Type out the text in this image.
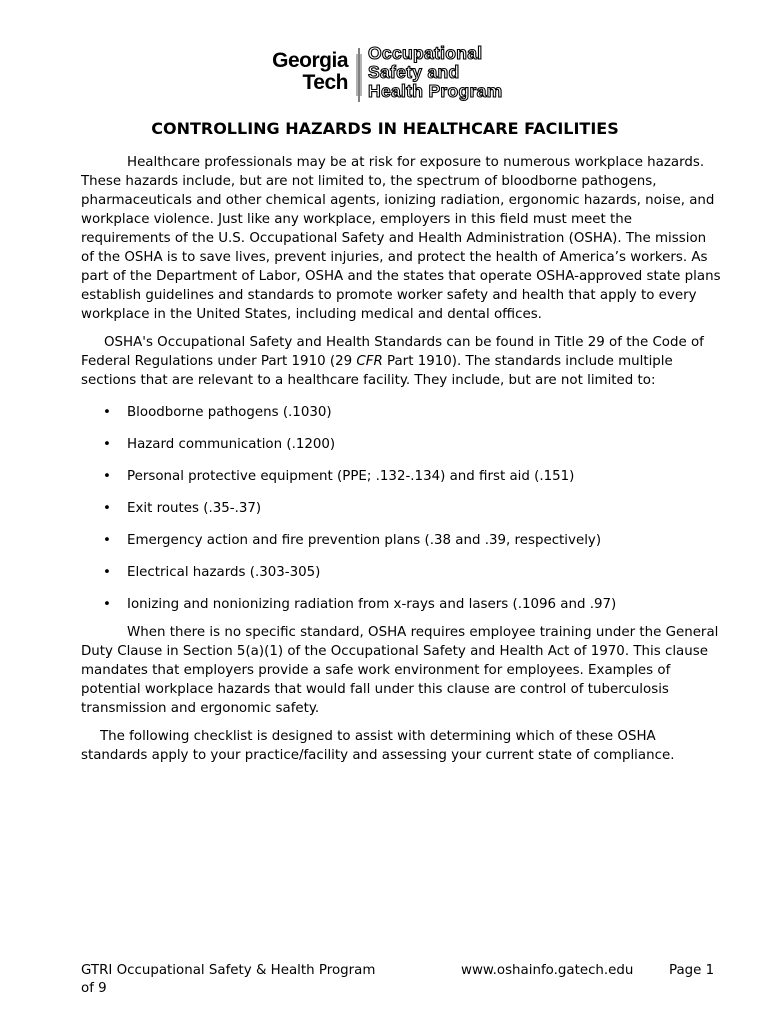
Georgia
Tech
Occupational
Safety and
Health Program
CONTROLLING HAZARDS IN HEALTHCARE FACILITIES

Healthcare professionals may be at risk for exposure to numerous workplace hazards. These hazards include, but are not limited to, the spectrum of bloodborne pathogens, pharmaceuticals and other chemical agents, ionizing radiation, ergonomic hazards, noise, and workplace violence. Just like any workplace, employers in this field must meet the requirements of the U.S. Occupational Safety and Health Administration (OSHA). The mission of the OSHA is to save lives, prevent injuries, and protect the health of America’s workers. As part of the Department of Labor, OSHA and the states that operate OSHA-approved state plans establish guidelines and standards to promote worker safety and health that apply to every workplace in the United States, including medical and dental offices.

OSHA's Occupational Safety and Health Standards can be found in Title 29 of the Code of Federal Regulations under Part 1910 (29 CFR Part 1910). The standards include multiple sections that are relevant to a healthcare facility. They include, but are not limited to:

• Bloodborne pathogens (.1030)
• Hazard communication (.1200)
• Personal protective equipment (PPE; .132-.134) and first aid (.151)
• Exit routes (.35-.37)
• Emergency action and fire prevention plans (.38 and .39, respectively)
• Electrical hazards (.303-305)
• Ionizing and nonionizing radiation from x-rays and lasers (.1096 and .97)

When there is no specific standard, OSHA requires employee training under the General Duty Clause in Section 5(a)(1) of the Occupational Safety and Health Act of 1970. This clause mandates that employers provide a safe work environment for employees. Examples of potential workplace hazards that would fall under this clause are control of tuberculosis transmission and ergonomic safety.

The following checklist is designed to assist with determining which of these OSHA standards apply to your practice/facility and assessing your current state of compliance.

GTRI Occupational Safety & Health Program	www.oshainfo.gatech.edu	Page 1
of 9
